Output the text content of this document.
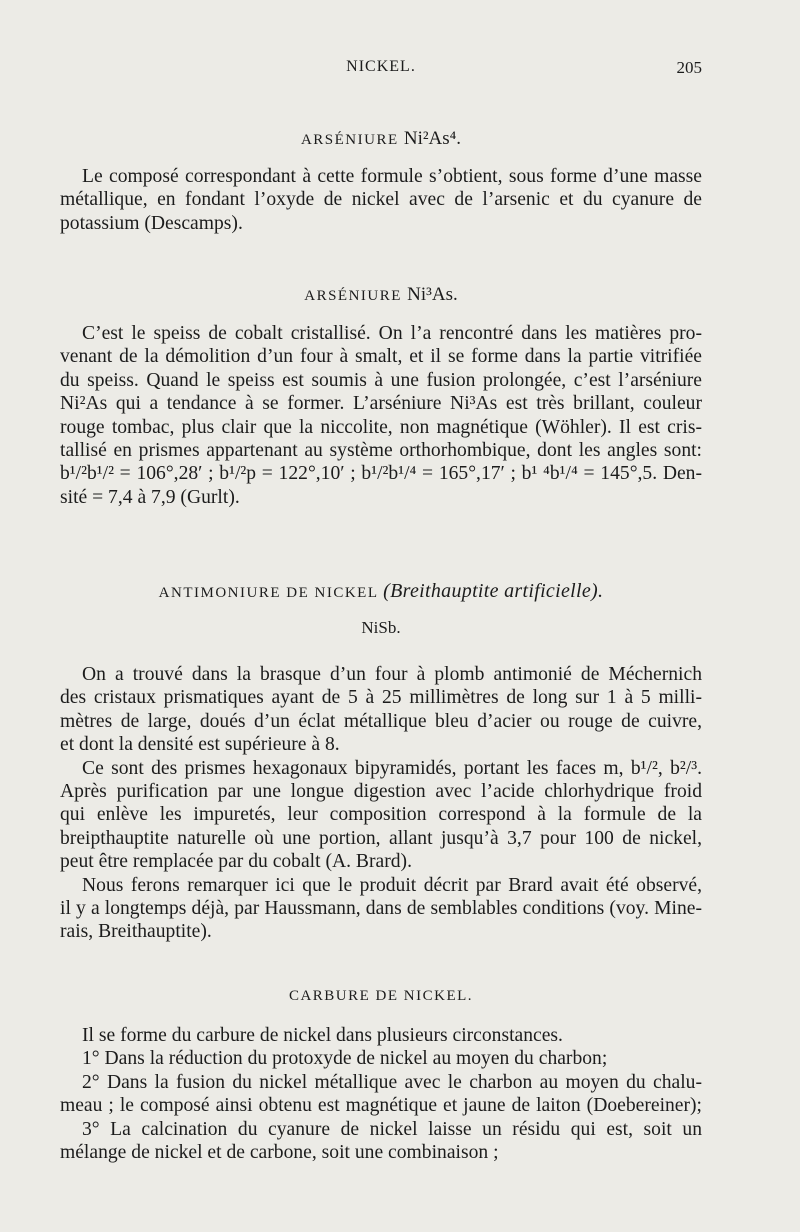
NICKEL.	205
ARSÉNIURE Ni²As⁴.
Le composé correspondant à cette formule s’obtient, sous forme d’une masse
métallique, en fondant l’oxyde de nickel avec de l’arsenic et du cyanure de
potassium (Descamps).
ARSÉNIURE Ni³As.
C’est le speiss de cobalt cristallisé. On l’a rencontré dans les matières pro-
venant de la démolition d’un four à smalt, et il se forme dans la partie vitrifiée
du speiss. Quand le speiss est soumis à une fusion prolongée, c’est l’arséniure
Ni²As qui a tendance à se former. L’arséniure Ni³As est très brillant, couleur
rouge tombac, plus clair que la niccolite, non magnétique (Wöhler). Il est cris-
tallisé en prismes appartenant au système orthorhombique, dont les angles sont:
b¹/²b¹/² = 106°,28′ ; b¹/²p = 122°,10′ ; b¹/²b¹/⁴ = 165°,17′ ; b¹ ⁴b¹/⁴ = 145°,5. Den-
sité = 7,4 à 7,9 (Gurlt).
ANTIMONIURE DE NICKEL (Breithauptite artificielle).
NiSb.
On a trouvé dans la brasque d’un four à plomb antimonié de Méchernich
des cristaux prismatiques ayant de 5 à 25 millimètres de long sur 1 à 5 milli-
mètres de large, doués d’un éclat métallique bleu d’acier ou rouge de cuivre,
et dont la densité est supérieure à 8.
Ce sont des prismes hexagonaux bipyramidés, portant les faces m, b¹/², b²/³.
Après purification par une longue digestion avec l’acide chlorhydrique froid
qui enlève les impuretés, leur composition correspond à la formule de la
breipthauptite naturelle où une portion, allant jusqu’à 3,7 pour 100 de nickel,
peut être remplacée par du cobalt (A. Brard).
Nous ferons remarquer ici que le produit décrit par Brard avait été observé,
il y a longtemps déjà, par Haussmann, dans de semblables conditions (voy. Mine-
rais, Breithauptite).
CARBURE DE NICKEL.
Il se forme du carbure de nickel dans plusieurs circonstances.
1° Dans la réduction du protoxyde de nickel au moyen du charbon;
2° Dans la fusion du nickel métallique avec le charbon au moyen du chalu-
meau ; le composé ainsi obtenu est magnétique et jaune de laiton (Doebereiner);
3° La calcination du cyanure de nickel laisse un résidu qui est, soit un
mélange de nickel et de carbone, soit une combinaison ;
